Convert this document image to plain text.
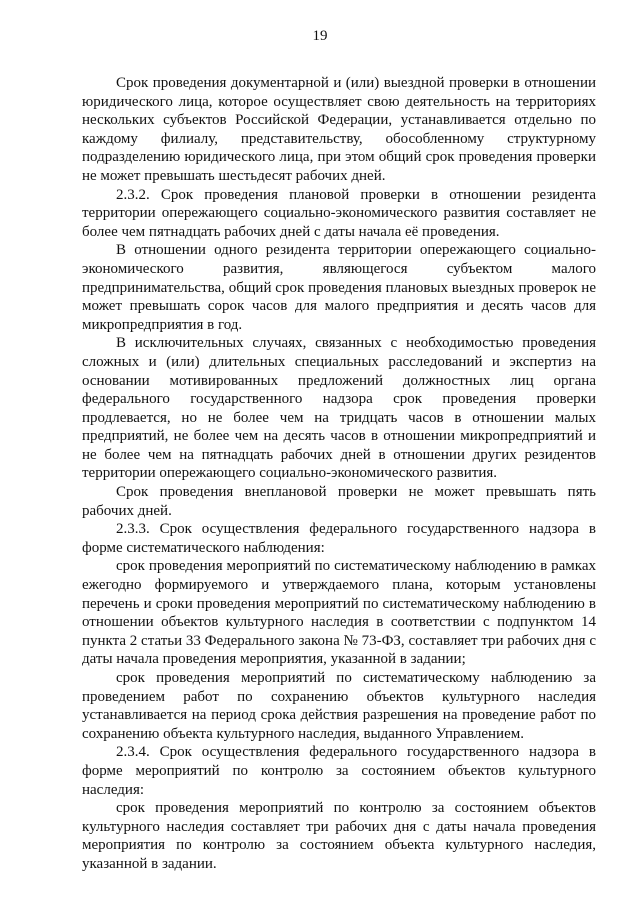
19

Срок проведения документарной и (или) выездной проверки в отношении юридического лица, которое осуществляет свою деятельность на территориях нескольких субъектов Российской Федерации, устанавливается отдельно по каждому филиалу, представительству, обособленному структурному подразделению юридического лица, при этом общий срок проведения проверки не может превышать шестьдесят рабочих дней.

2.3.2. Срок проведения плановой проверки в отношении резидента территории опережающего социально-экономического развития составляет не более чем пятнадцать рабочих дней с даты начала её проведения.

В отношении одного резидента территории опережающего социально-экономического развития, являющегося субъектом малого предпринимательства, общий срок проведения плановых выездных проверок не может превышать сорок часов для малого предприятия и десять часов для микропредприятия в год.

В исключительных случаях, связанных с необходимостью проведения сложных и (или) длительных специальных расследований и экспертиз на основании мотивированных предложений должностных лиц органа федерального государственного надзора срок проведения проверки продлевается, но не более чем на тридцать часов в отношении малых предприятий, не более чем на десять часов в отношении микропредприятий и не более чем на пятнадцать рабочих дней в отношении других резидентов территории опережающего социально-экономического развития.

Срок проведения внеплановой проверки не может превышать пять рабочих дней.

2.3.3. Срок осуществления федерального государственного надзора в форме систематического наблюдения:

срок проведения мероприятий по систематическому наблюдению в рамках ежегодно формируемого и утверждаемого плана, которым установлены перечень и сроки проведения мероприятий по систематическому наблюдению в отношении объектов культурного наследия в соответствии с подпунктом 14 пункта 2 статьи 33 Федерального закона № 73-ФЗ, составляет три рабочих дня с даты начала проведения мероприятия, указанной в задании;

срок проведения мероприятий по систематическому наблюдению за проведением работ по сохранению объектов культурного наследия устанавливается на период срока действия разрешения на проведение работ по сохранению объекта культурного наследия, выданного Управлением.

2.3.4. Срок осуществления федерального государственного надзора в форме мероприятий по контролю за состоянием объектов культурного наследия:

срок проведения мероприятий по контролю за состоянием объектов культурного наследия составляет три рабочих дня с даты начала проведения мероприятия по контролю за состоянием объекта культурного наследия, указанной в задании.
